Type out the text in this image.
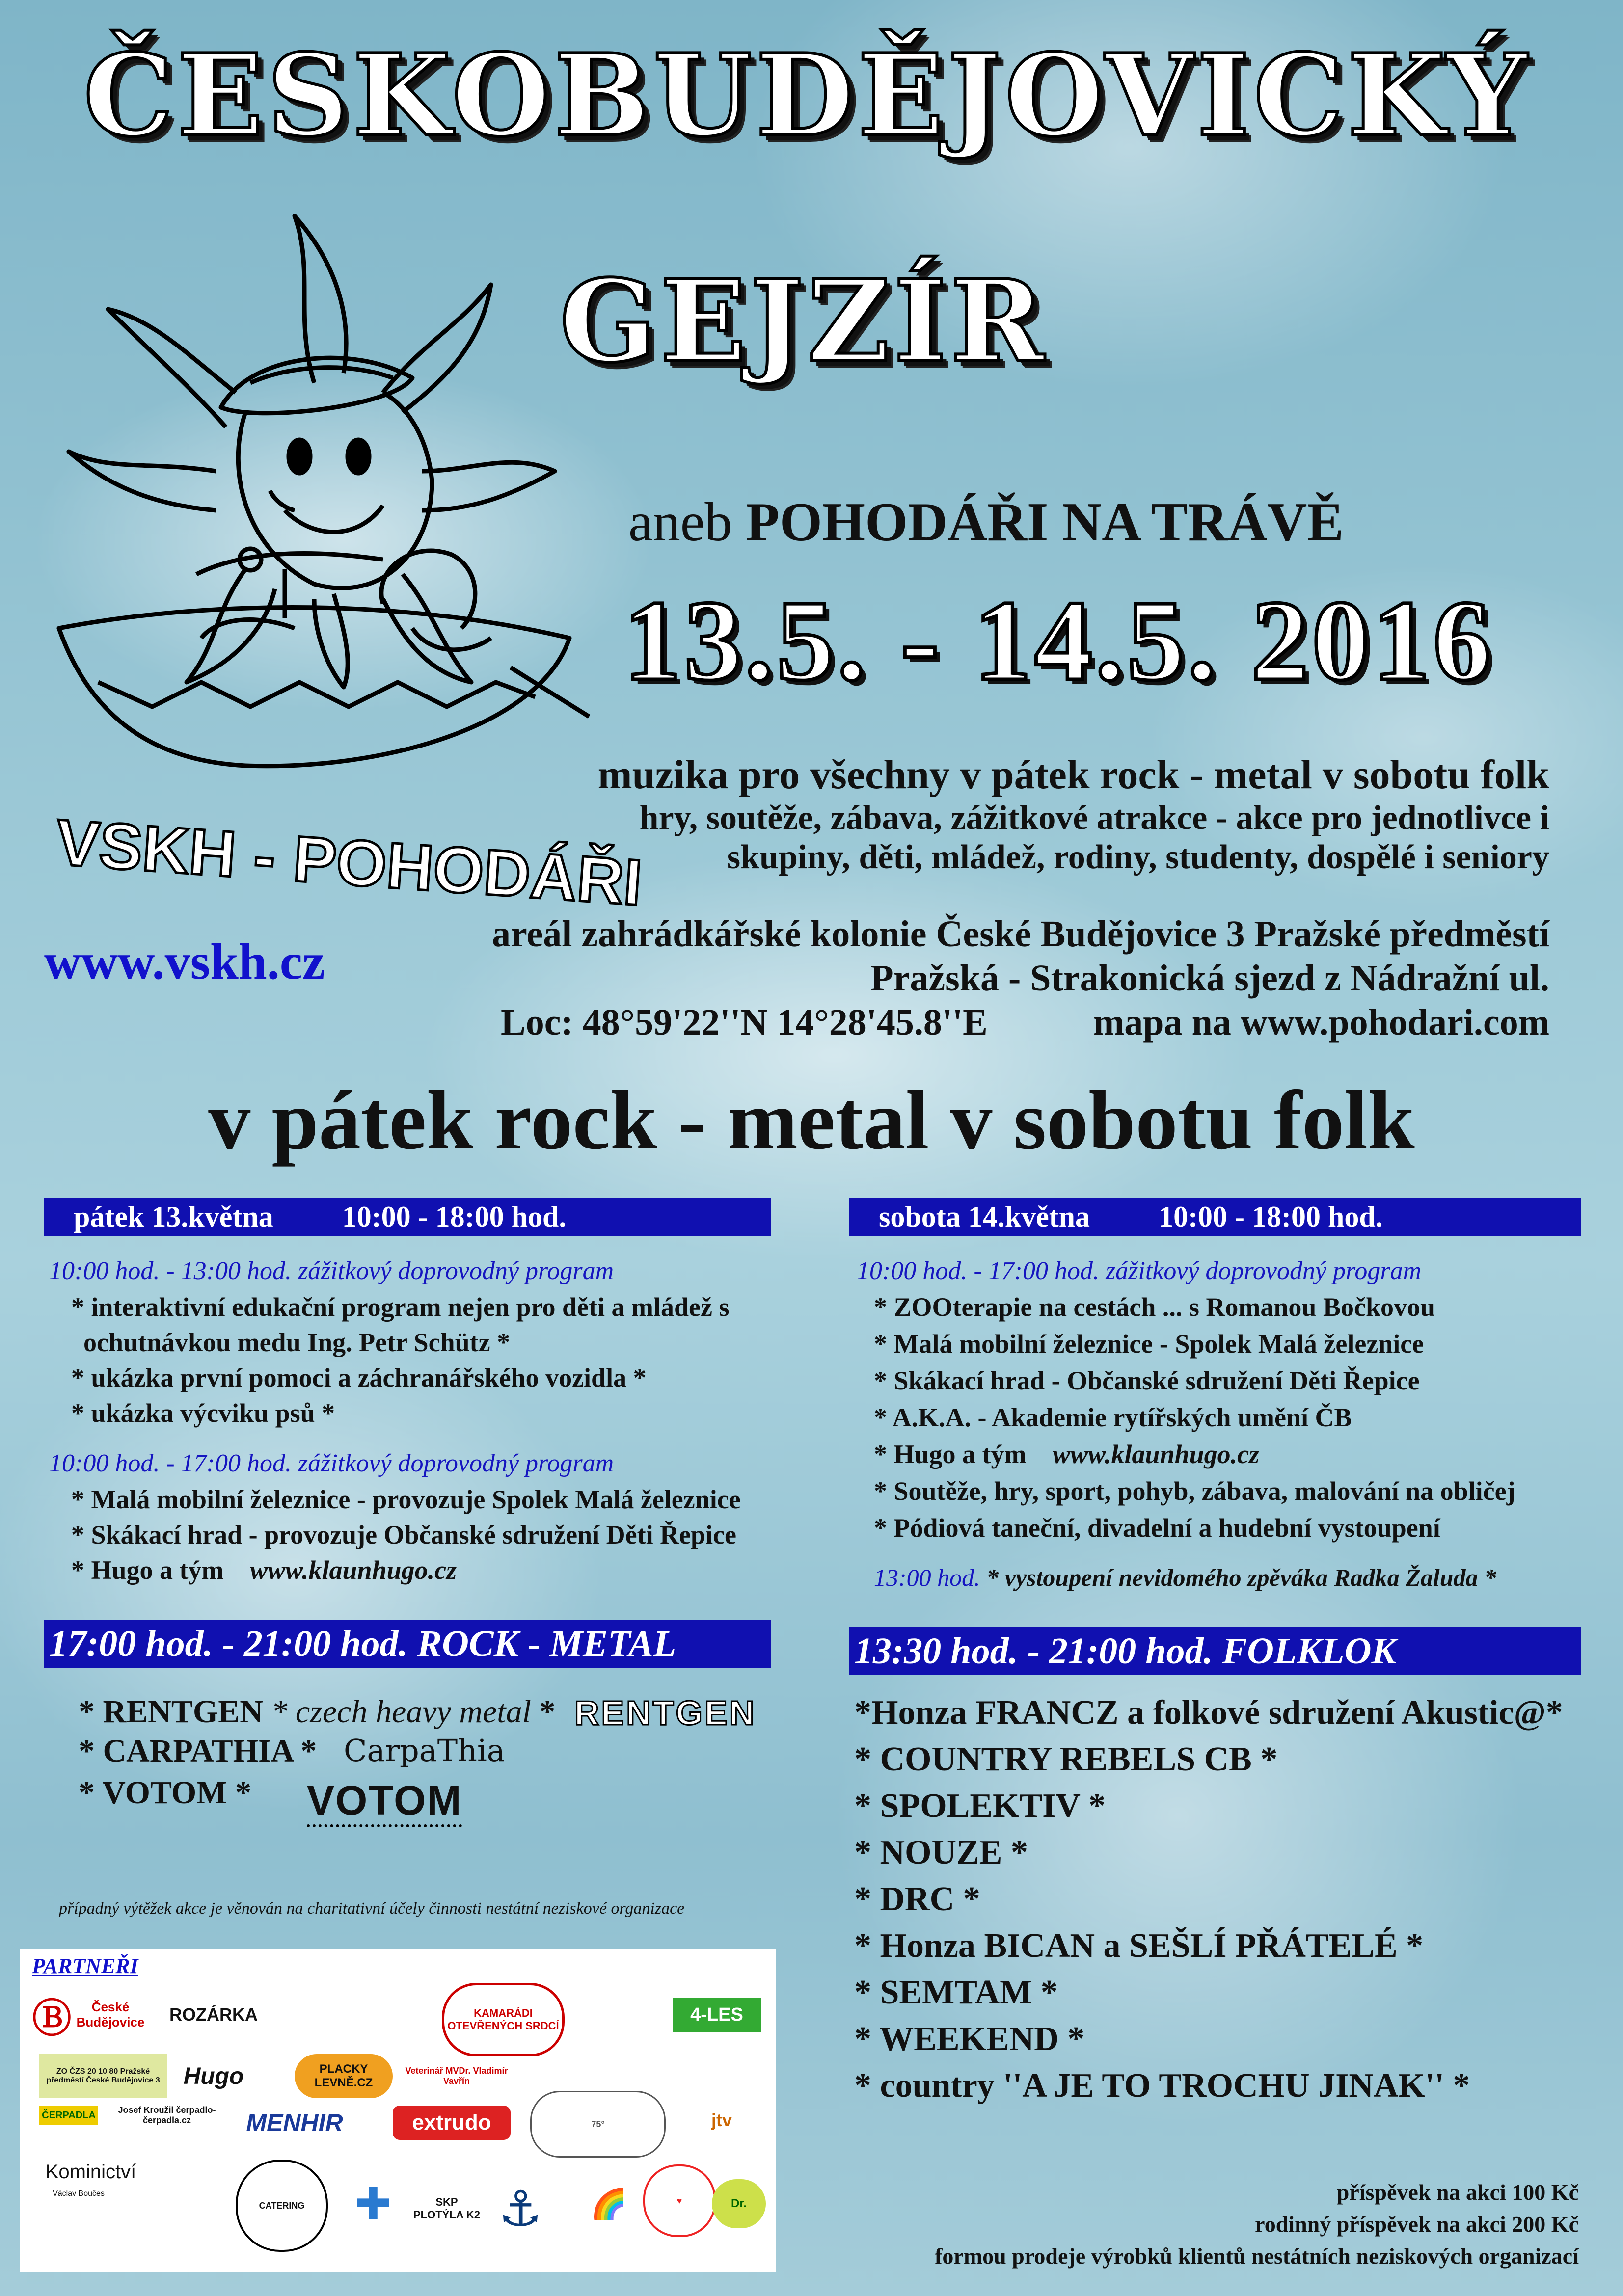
ČESKOBUDĚJOVICKÝ
GEJZÍR
VSKH - POHODÁŘI
aneb POHODÁŘI NA TRÁVĚ
13.5. - 14.5. 2016
muzika pro všechny v pátek rock - metal v sobotu folk
hry, soutěže, zábava, zážitkové atrakce - akce pro jednotlivce i
skupiny, děti, mládež, rodiny, studenty, dospělé i seniory
www.vskh.cz	areál zahrádkářské kolonie České Budějovice 3 Pražské předměstí
Pražská - Strakonická sjezd z Nádražní ul.
Loc: 48°59'22''N 14°28'45.8''E	mapa na www.pohodari.com
v pátek rock - metal v sobotu folk
pátek 13.května 10:00 - 18:00 hod.
10:00 hod. - 13:00 hod. zážitkový doprovodný program
* interaktivní edukační program nejen pro děti a mládež s
ochutnávkou medu Ing. Petr Schütz *
* ukázka první pomoci a záchranářského vozidla *
* ukázka výcviku psů *
10:00 hod. - 17:00 hod. zážitkový doprovodný program
* Malá mobilní železnice - provozuje Spolek Malá železnice
* Skákací hrad - provozuje Občanské sdružení Děti Řepice
* Hugo a tým www.klaunhugo.cz
17:00 hod. - 21:00 hod. ROCK - METAL
* RENTGEN * czech heavy metal * RENTGEN
* CARPATHIA * CarpaThia
* VOTOM * VOTOM
sobota 14.května 10:00 - 18:00 hod.
10:00 hod. - 17:00 hod. zážitkový doprovodný program
* ZOOterapie na cestách ... s Romanou Bočkovou
* Malá mobilní železnice - Spolek Malá železnice
* Skákací hrad - Občanské sdružení Děti Řepice
* A.K.A. - Akademie rytířských umění ČB
* Hugo a tým www.klaunhugo.cz
* Soutěže, hry, sport, pohyb, zábava, malování na obličej
* Pódiová taneční, divadelní a hudební vystoupení
13:00 hod. * vystoupení nevidomého zpěváka Radka Žaluda *
13:30 hod. - 21:00 hod. FOLKLOK
*Honza FRANCZ a folkové sdružení Akustic@*
* COUNTRY REBELS CB *
* SPOLEKTIV *
* NOUZE *
* DRC *
* Honza BICAN a SEŠLÍ PŘÁTELÉ *
* SEMTAM *
* WEEKEND *
* country ''A JE TO TROCHU JINAK'' *
případný výtěžek akce je věnován na charitativní účely činnosti nestátní neziskové organizace
PARTNEŘI
Ⓑ	České Budějovice	ROZÁRKA	KAMARÁDI OTEVŘENÝCH SRDCÍ
4-LES
ZO ČZS 20 10 80 Pražské předměstí České Budějovice 3 Hugo	PLACKY LEVNĚ.CZ
Veterinář MVDr. Vladimír Vavřín
ČERPADLA	Josef Kroužil čerpadlo-čerpadla.cz	MENHIR	extrudo	75°	jtv
Kominictví
Václav Boučes
CATERING	✚	SKP PLOTÝLA K2 ⚓	🌈	♥	Dr.	příspěvek na akci 100 Kč
rodinný příspěvek na akci 200 Kč
formou prodeje výrobků klientů nestátních neziskových organizací
